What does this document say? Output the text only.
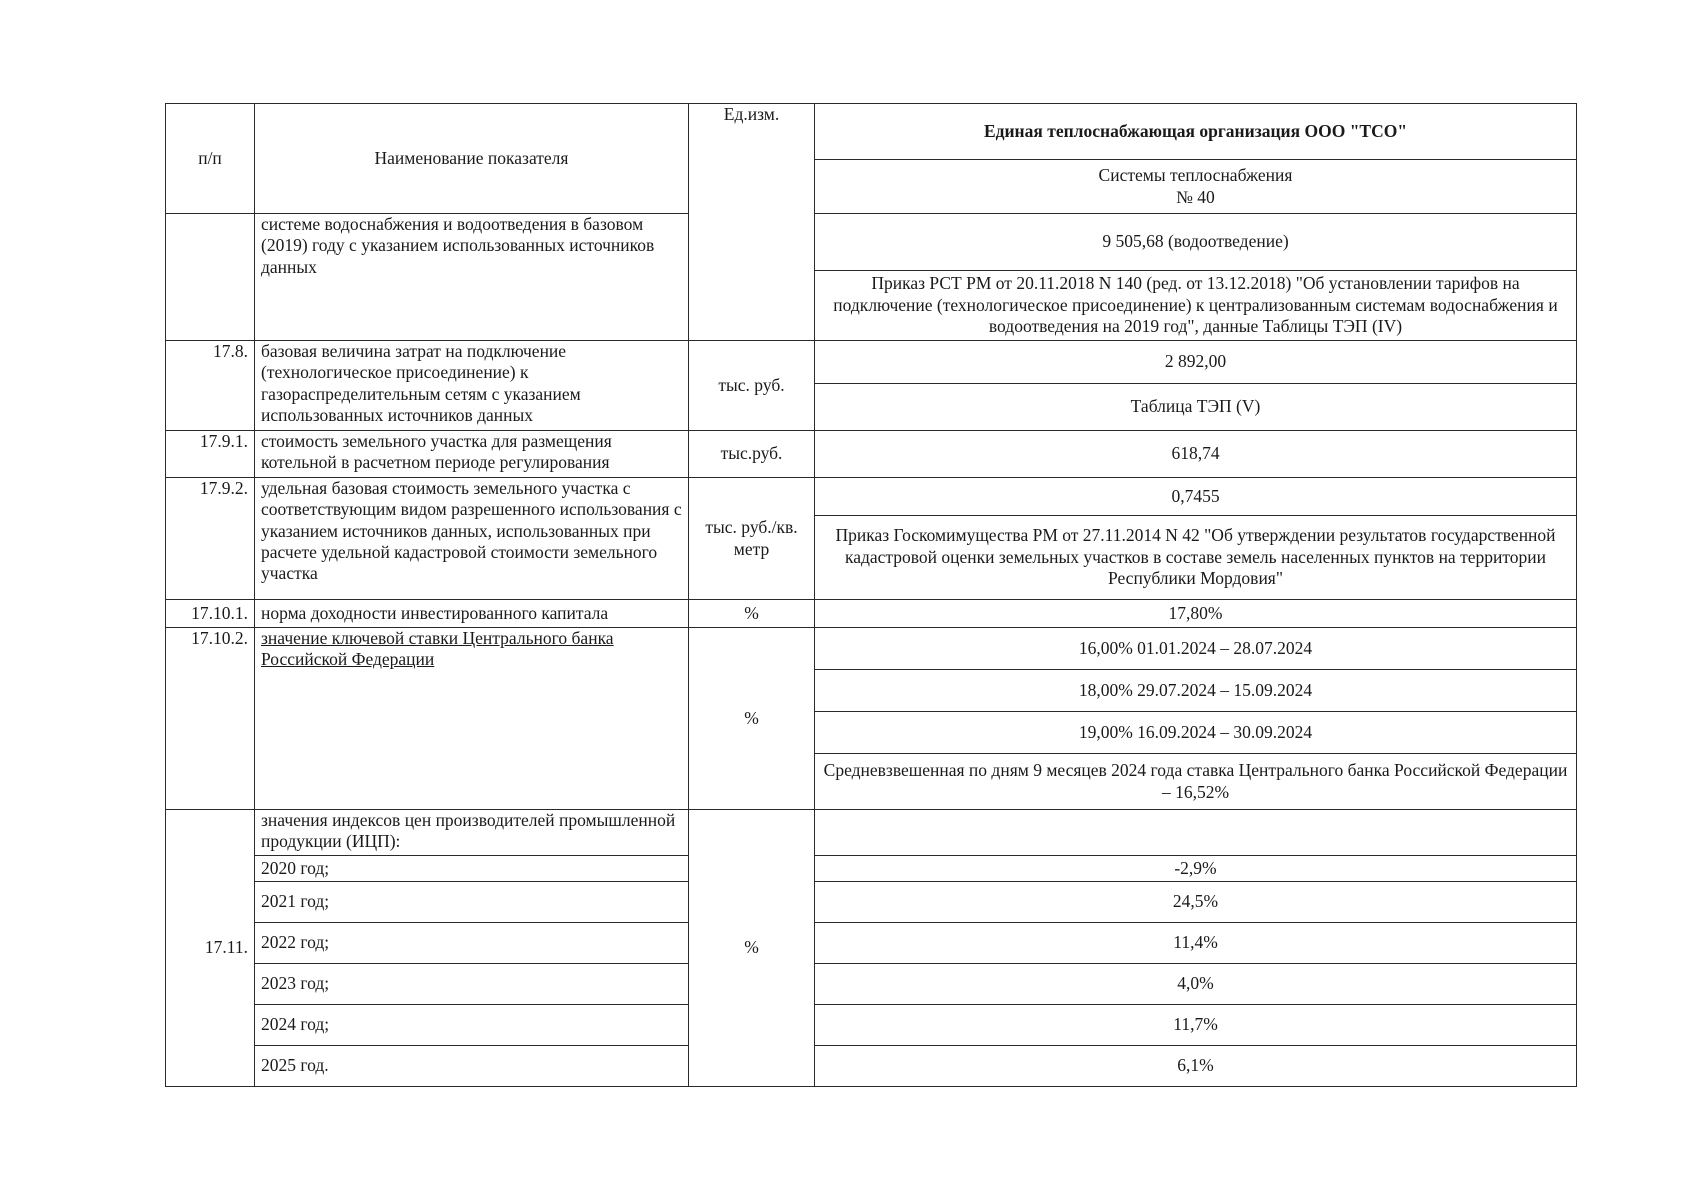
п/п	Наименование показателя	Ед.изм.	Единая теплоснабжающая организация ООО "ТСО"
			Системы теплоснабжения
№ 40
	системе водоснабжения и водоотведения в базовом (2019) году с указанием использованных источников данных		9 505,68 (водоотведение)
			Приказ РСТ РМ от 20.11.2018 N 140 (ред. от 13.12.2018) "Об установлении тарифов на подключение (технологическое присоединение) к централизованным системам водоснабжения и водоотведения на 2019 год", данные Таблицы ТЭП (IV)
17.8.	базовая величина затрат на подключение (технологическое присоединение) к газораспределительным сетям с указанием использованных источников данных	тыс. руб.	2 892,00
			Таблица ТЭП (V)
17.9.1.	стоимость земельного участка для размещения котельной в расчетном периоде регулирования	тыс.руб.	618,74
17.9.2.	удельная базовая стоимость земельного участка с соответствующим видом разрешенного использования с указанием источников данных, использованных при расчете удельной кадастровой стоимости земельного участка	тыс. руб./кв. метр	0,7455
			Приказ Госкомимущества РМ от 27.11.2014 N 42 "Об утверждении результатов государственной кадастровой оценки земельных участков в составе земель населенных пунктов на территории Республики Мордовия"
17.10.1.	норма доходности инвестированного капитала	%	17,80%
17.10.2.	значение ключевой ставки Центрального банка Российской Федерации	%	16,00% 01.01.2024 – 28.07.2024
			18,00% 29.07.2024 – 15.09.2024
			19,00% 16.09.2024 – 30.09.2024
			Средневзвешенная по дням 9 месяцев 2024 года ставка Центрального банка Российской Федерации – 16,52%
17.11.	значения индексов цен производителей промышленной продукции (ИЦП):	%	
	2020 год;		-2,9%
	2021 год;		24,5%
	2022 год;		11,4%
	2023 год;		4,0%
	2024 год;		11,7%
	2025 год.		6,1%
